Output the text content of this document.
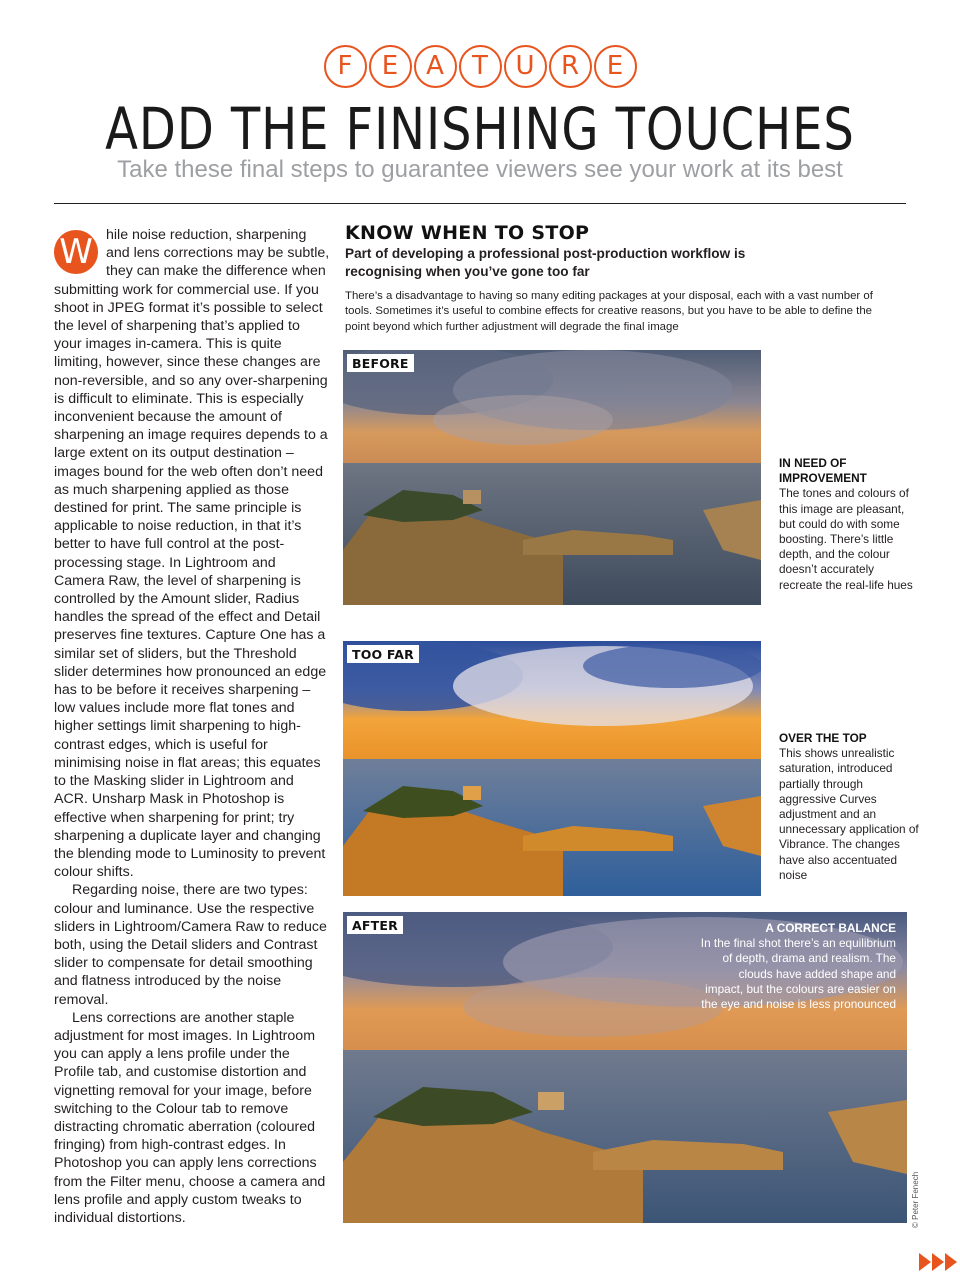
F	E	A	T	U	R	E
ADD THE FINISHING TOUCHES
Take these final steps to guarantee viewers see your work at its best
W hile noise reduction, sharpening and lens corrections may be subtle, they can make the difference when submitting work for commercial use. If you shoot in JPEG format it’s possible to select the level of sharpening that’s applied to your images in-camera. This is quite limiting, however, since these changes are non-reversible, and so any over-sharpening is difficult to eliminate. This is especially inconvenient because the amount of sharpening an image requires depends to a large extent on its output destination – images bound for the web often don’t need as much sharpening applied as those destined for print. The same principle is applicable to noise reduction, in that it’s better to have full control at the post-processing stage. In Lightroom and Camera Raw, the level of sharpening is controlled by the Amount slider, Radius handles the spread of the effect and Detail preserves fine textures. Capture One has a similar set of sliders, but the Threshold slider determines how pronounced an edge has to be before it receives sharpening – low values include more flat tones and higher settings limit sharpening to high-contrast edges, which is useful for minimising noise in flat areas; this equates to the Masking slider in Lightroom and ACR. Unsharp Mask in Photoshop is effective when sharpening for print; try sharpening a duplicate layer and changing the blending mode to Luminosity to prevent colour shifts.

Regarding noise, there are two types: colour and luminance. Use the respective sliders in Lightroom/Camera Raw to reduce both, using the Detail sliders and Contrast slider to compensate for detail smoothing and flatness introduced by the noise removal.

Lens corrections are another staple adjustment for most images. In Lightroom you can apply a lens profile under the Profile tab, and customise distortion and vignetting removal for your image, before switching to the Colour tab to remove distracting chromatic aberration (coloured fringing) from high-contrast edges. In Photoshop you can apply lens corrections from the Filter menu, choose a camera and lens profile and apply custom tweaks to individual distortions.

KNOW WHEN TO STOP
Part of developing a professional post-production workflow is recognising when you’ve gone too far
There’s a disadvantage to having so many editing packages at your disposal, each with a vast number of tools. Sometimes it’s useful to combine effects for creative reasons, but you have to be able to define the point beyond which further adjustment will degrade the final image
BEFORE
IN NEED OF IMPROVEMENT
The tones and colours of this image are pleasant, but could do with some boosting. There’s little depth, and the colour doesn’t accurately recreate the real-life hues
TOO FAR
OVER THE TOP
This shows unrealistic saturation, introduced partially through aggressive Curves adjustment and an unnecessary application of Vibrance. The changes have also accentuated noise
AFTER	A CORRECT BALANCE
In the final shot there’s an equilibrium of depth, drama and realism. The clouds have added shape and impact, but the colours are easier on the eye and noise is less pronounced
© Peter Fenech
